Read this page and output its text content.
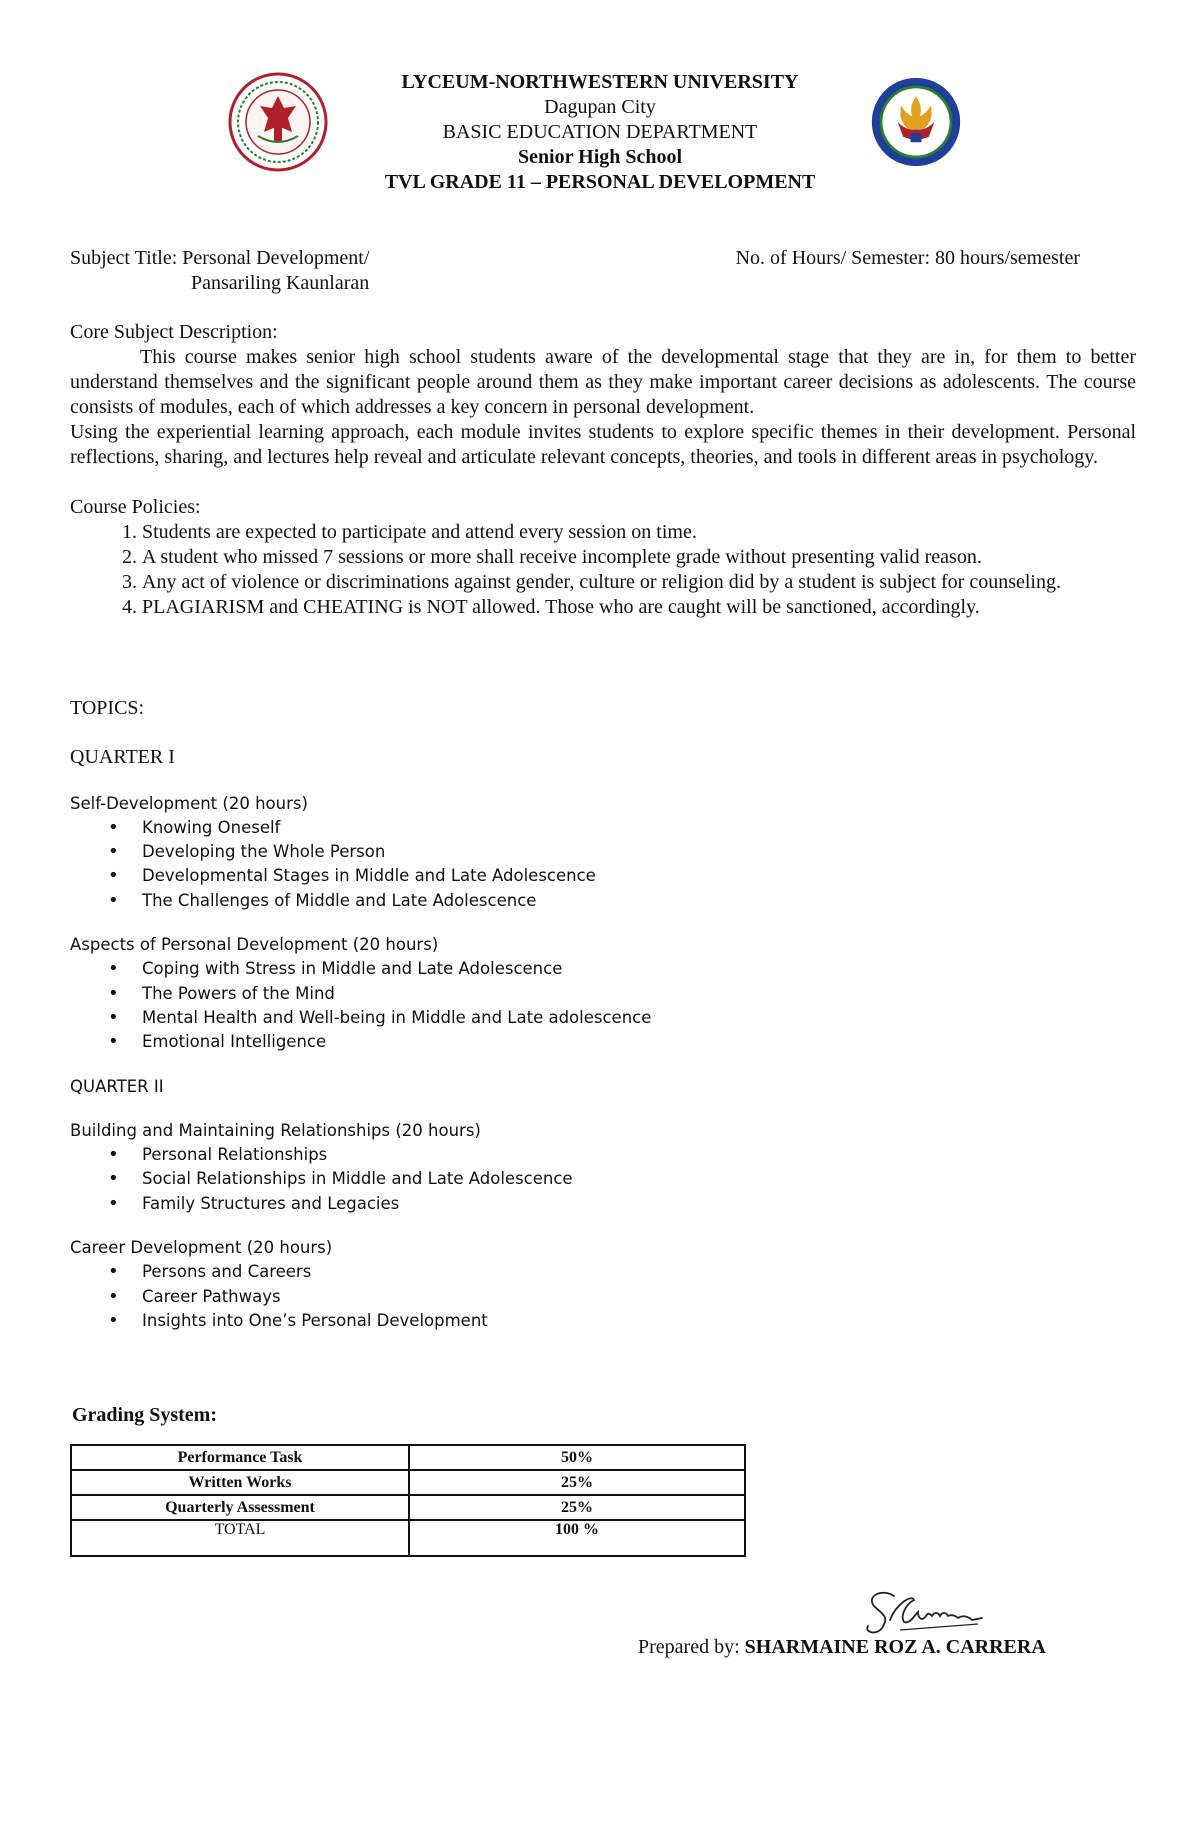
LYCEUM-NORTHWESTERN UNIVERSITY
Dagupan City
BASIC EDUCATION DEPARTMENT
Senior High School
TVL GRADE 11 – PERSONAL DEVELOPMENT
Subject Title: Personal Development/
Pansariling Kaunlaran
No. of Hours/ Semester: 80 hours/semester
Core Subject Description:
This course makes senior high school students aware of the developmental stage that they are in, for them to better understand themselves and the significant people around them as they make important career decisions as adolescents. The course consists of modules, each of which addresses a key concern in personal development.
Using the experiential learning approach, each module invites students to explore specific themes in their development. Personal reflections, sharing, and lectures help reveal and articulate relevant concepts, theories, and tools in different areas in psychology.
Course Policies:
1. Students are expected to participate and attend every session on time.
2. A student who missed 7 sessions or more shall receive incomplete grade without presenting valid reason.
3. Any act of violence or discriminations against gender, culture or religion did by a student is subject for counseling.
4. PLAGIARISM and CHEATING is NOT allowed. Those who are caught will be sanctioned, accordingly.
TOPICS:
QUARTER I
Self-Development (20 hours)
• Knowing Oneself
• Developing the Whole Person
• Developmental Stages in Middle and Late Adolescence
• The Challenges of Middle and Late Adolescence
Aspects of Personal Development (20 hours)
• Coping with Stress in Middle and Late Adolescence
• The Powers of the Mind
• Mental Health and Well-being in Middle and Late adolescence
• Emotional Intelligence
QUARTER II
Building and Maintaining Relationships (20 hours)
• Personal Relationships
• Social Relationships in Middle and Late Adolescence
• Family Structures and Legacies
Career Development (20 hours)
• Persons and Careers
• Career Pathways
• Insights into One’s Personal Development
Grading System:
Performance Task	50%
Written Works	25%
Quarterly Assessment	25%
TOTAL	100 %
Prepared by: SHARMAINE ROZ A. CARRERA
